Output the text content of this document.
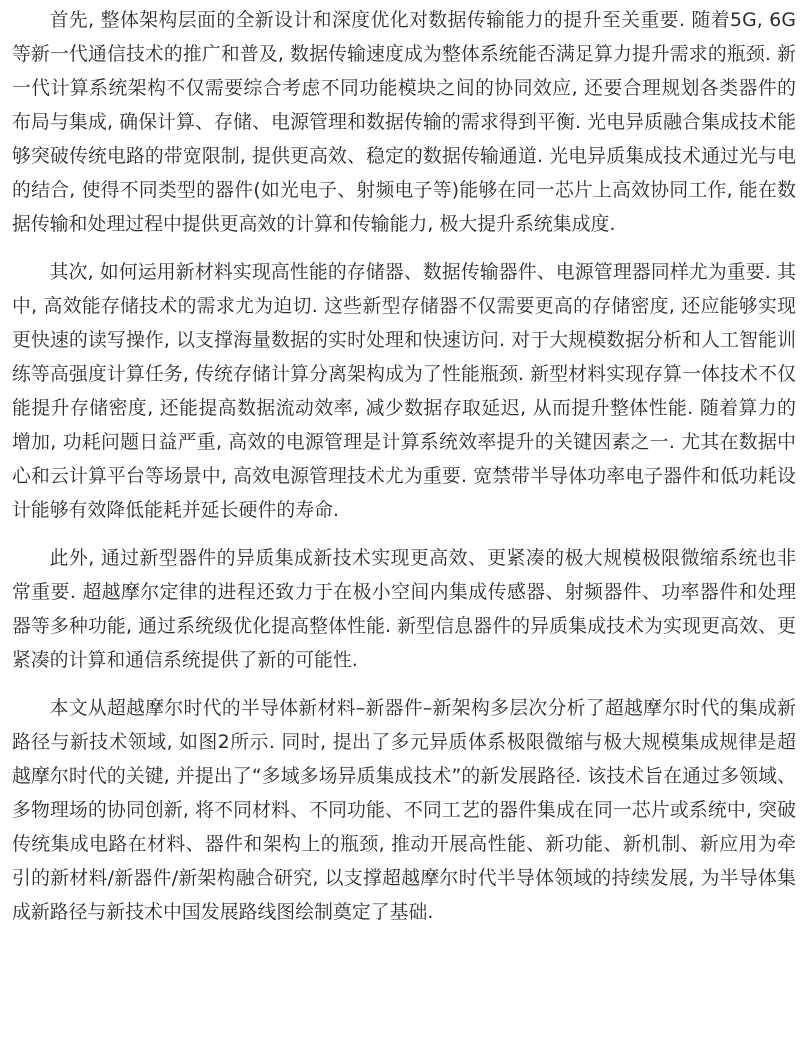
首先, 整体架构层面的全新设计和深度优化对数据传输能力的提升至关重要. 随着5G, 6G等新一代通信技术的推广和普及, 数据传输速度成为整体系统能否满足算力提升需求的瓶颈. 新一代计算系统架构不仅需要综合考虑不同功能模块之间的协同效应, 还要合理规划各类器件的布局与集成, 确保计算、存储、电源管理和数据传输的需求得到平衡. 光电异质融合集成技术能够突破传统电路的带宽限制, 提供更高效、稳定的数据传输通道. 光电异质集成技术通过光与电的结合, 使得不同类型的器件(如光电子、射频电子等)能够在同一芯片上高效协同工作, 能在数据传输和处理过程中提供更高效的计算和传输能力, 极大提升系统集成度.

其次, 如何运用新材料实现高性能的存储器、数据传输器件、电源管理器同样尤为重要. 其中, 高效能存储技术的需求尤为迫切. 这些新型存储器不仅需要更高的存储密度, 还应能够实现更快速的读写操作, 以支撑海量数据的实时处理和快速访问. 对于大规模数据分析和人工智能训练等高强度计算任务, 传统存储计算分离架构成为了性能瓶颈. 新型材料实现存算一体技术不仅能提升存储密度, 还能提高数据流动效率, 减少数据存取延迟, 从而提升整体性能. 随着算力的增加, 功耗问题日益严重, 高效的电源管理是计算系统效率提升的关键因素之一. 尤其在数据中心和云计算平台等场景中, 高效电源管理技术尤为重要. 宽禁带半导体功率电子器件和低功耗设计能够有效降低能耗并延长硬件的寿命.

此外, 通过新型器件的异质集成新技术实现更高效、更紧凑的极大规模极限微缩系统也非常重要. 超越摩尔定律的进程还致力于在极小空间内集成传感器、射频器件、功率器件和处理器等多种功能, 通过系统级优化提高整体性能. 新型信息器件的异质集成技术为实现更高效、更紧凑的计算和通信系统提供了新的可能性.

本文从超越摩尔时代的半导体新材料–新器件–新架构多层次分析了超越摩尔时代的集成新路径与新技术领域, 如图2所示. 同时, 提出了多元异质体系极限微缩与极大规模集成规律是超越摩尔时代的关键, 并提出了“多域多场异质集成技术”的新发展路径. 该技术旨在通过多领域、多物理场的协同创新, 将不同材料、不同功能、不同工艺的器件集成在同一芯片或系统中, 突破传统集成电路在材料、器件和架构上的瓶颈, 推动开展高性能、新功能、新机制、新应用为牵引的新材料/新器件/新架构融合研究, 以支撑超越摩尔时代半导体领域的持续发展, 为半导体集成新路径与新技术中国发展路线图绘制奠定了基础.
